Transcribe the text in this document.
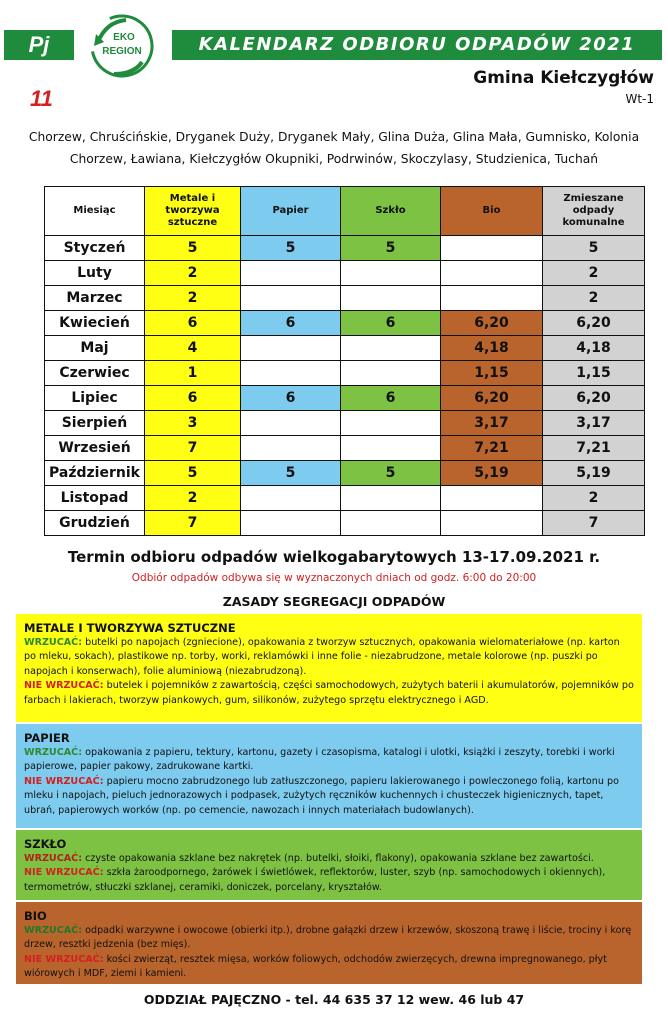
Pj	EKO
REGION	KALENDARZ ODBIORU ODPADÓW 2021
11
Gmina Kiełczygłów
Wt-1
Chorzew, Chruścińskie, Dryganek Duży, Dryganek Mały, Glina Duża, Glina Mała, Gumnisko, Kolonia Chorzew, Ławiana, Kiełczygłów Okupniki, Podrwinów, Skoczylasy, Studzienica, Tuchań
Miesiąc	Metale i tworzywa sztuczne	Papier	Szkło	Bio	Zmieszane odpady komunalne
Styczeń	5	5	5		5
Luty	2				2
Marzec	2				2
Kwiecień	6	6	6	6,20	6,20
Maj	4			4,18	4,18
Czerwiec	1			1,15	1,15
Lipiec	6	6	6	6,20	6,20
Sierpień	3			3,17	3,17
Wrzesień	7			7,21	7,21
Październik	5	5	5	5,19	5,19
Listopad	2				2
Grudzień	7				7
Termin odbioru odpadów wielkogabarytowych 13-17.09.2021 r.
Odbiór odpadów odbywa się w wyznaczonych dniach od godz. 6:00 do 20:00
ZASADY SEGREGACJI ODPADÓW
METALE I TWORZYWA SZTUCZNE
WRZUCAĆ: butelki po napojach (zgniecione), opakowania z tworzyw sztucznych, opakowania wielomateriałowe (np. karton po mleku, sokach), plastikowe np. torby, worki, reklamówki i inne folie - niezabrudzone, metale kolorowe (np. puszki po napojach i konserwach), folie aluminiową (niezabrudzoną).
NIE WRZUCAĆ: butelek i pojemników z zawartością, części samochodowych, zużytych baterii i akumulatorów, pojemników po farbach i lakierach, tworzyw piankowych, gum, silikonów, zużytego sprzętu elektrycznego i AGD.
PAPIER
WRZUCAĆ: opakowania z papieru, tektury, kartonu, gazety i czasopisma, katalogi i ulotki, książki i zeszyty, torebki i worki papierowe, papier pakowy, zadrukowane kartki.
NIE WRZUCAĆ: papieru mocno zabrudzonego lub zatłuszczonego, papieru lakierowanego i powleczonego folią, kartonu po mleku i napojach, pieluch jednorazowych i podpasek, zużytych ręczników kuchennych i chusteczek higienicznych, tapet, ubrań, papierowych worków (np. po cemencie, nawozach i innych materiałach budowlanych).
SZKŁO
WRZUCAĆ: czyste opakowania szklane bez nakrętek (np. butelki, słoiki, flakony), opakowania szklane bez zawartości.
NIE WRZUCAĆ: szkła żaroodpornego, żarówek i świetlówek, reflektorów, luster, szyb (np. samochodowych i okiennych), termometrów, stłuczki szklanej, ceramiki, doniczek, porcelany, kryształów.
BIO
WRZUCAĆ: odpadki warzywne i owocowe (obierki itp.), drobne gałązki drzew i krzewów, skoszoną trawę i liście, trociny i korę drzew, resztki jedzenia (bez mięs).
NIE WRZUCAĆ: kości zwierząt, resztek mięsa, worków foliowych, odchodów zwierzęcych, drewna impregnowanego, płyt wiórowych i MDF, ziemi i kamieni.
ODDZIAŁ PAJĘCZNO - tel. 44 635 37 12 wew. 46 lub 47
